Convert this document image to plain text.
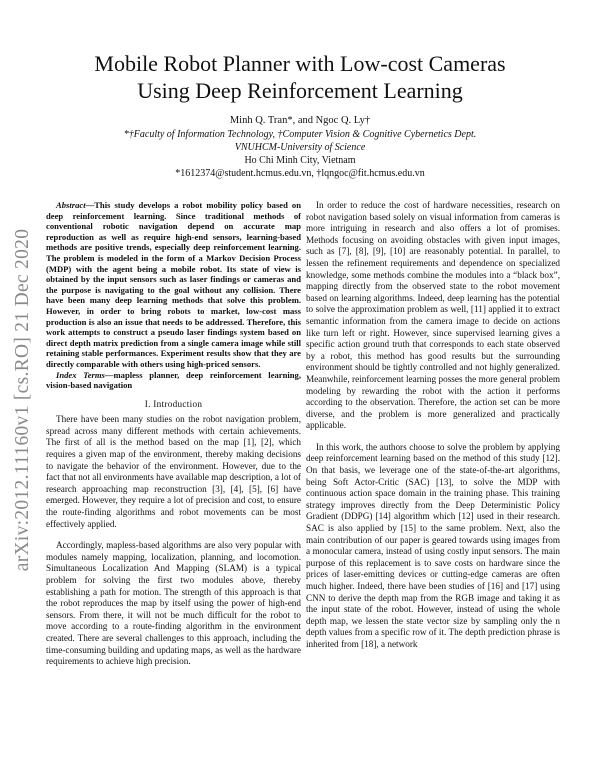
arXiv:2012.11160v1 [cs.RO] 21 Dec 2020
Mobile Robot Planner with Low-cost Cameras
Using Deep Reinforcement Learning
Minh Q. Tran*, and Ngoc Q. Ly†
*†Faculty of Information Technology, †Computer Vision & Cognitive Cybernetics Dept.
VNUHCM-University of Science
Ho Chi Minh City, Vietnam
*1612374@student.hcmus.edu.vn, †lqngoc@fit.hcmus.edu.vn

Abstract—This study develops a robot mobility policy based on deep reinforcement learning. Since traditional methods of conventional robotic navigation depend on accurate map reproduction as well as require high-end sensors, learning-based methods are positive trends, especially deep reinforcement learning. The problem is modeled in the form of a Markov Decision Process (MDP) with the agent being a mobile robot. Its state of view is obtained by the input sensors such as laser findings or cameras and the purpose is navigating to the goal without any collision. There have been many deep learning methods that solve this problem. However, in order to bring robots to market, low-cost mass production is also an issue that needs to be addressed. Therefore, this work attempts to construct a pseudo laser findings system based on direct depth matrix prediction from a single camera image while still retaining stable performances. Experiment results show that they are directly comparable with others using high-priced sensors.

Index Terms—mapless planner, deep reinforcement learning, vision-based navigation

I. Introduction

There have been many studies on the robot navigation problem, spread across many different methods with certain achievements. The first of all is the method based on the map [1], [2], which requires a given map of the environment, thereby making decisions to navigate the behavior of the environment. However, due to the fact that not all environments have available map description, a lot of research approaching map reconstruction [3], [4], [5], [6] have emerged. However, they require a lot of precision and cost, to ensure the route-finding algorithms and robot movements can be most effectively applied.

Accordingly, mapless-based algorithms are also very popular with modules namely mapping, localization, planning, and locomotion. Simultaneous Localization And Mapping (SLAM) is a typical problem for solving the first two modules above, thereby establishing a path for motion. The strength of this approach is that the robot reproduces the map by itself using the power of high-end sensors. From there, it will not be much difficult for the robot to move according to a route-finding algorithm in the environment created. There are several challenges to this approach, including the time-consuming building and updating maps, as well as the hardware requirements to achieve high precision.

In order to reduce the cost of hardware necessities, research on robot navigation based solely on visual information from cameras is more intriguing in research and also offers a lot of promises. Methods focusing on avoiding obstacles with given input images, such as [7], [8], [9], [10] are reasonably potential. In parallel, to lessen the refinement requirements and dependence on specialized knowledge, some methods combine the modules into a “black box”, mapping directly from the observed state to the robot movement based on learning algorithms. Indeed, deep learning has the potential to solve the approximation problem as well, [11] applied it to extract semantic information from the camera image to decide on actions like turn left or right. However, since supervised learning gives a specific action ground truth that corresponds to each state observed by a robot, this method has good results but the surrounding environment should be tightly controlled and not highly generalized. Meanwhile, reinforcement learning posses the more general problem modeling by rewarding the robot with the action it performs according to the observation. Therefore, the action set can be more diverse, and the problem is more generalized and practically applicable.

In this work, the authors choose to solve the problem by applying deep reinforcement learning based on the method of this study [12]. On that basis, we leverage one of the state-of-the-art algorithms, being Soft Actor-Critic (SAC) [13], to solve the MDP with continuous action space domain in the training phase. This training strategy improves directly from the Deep Deterministic Policy Gradient (DDPG) [14] algorithm which [12] used in their research. SAC is also applied by [15] to the same problem. Next, also the main contribution of our paper is geared towards using images from a monocular camera, instead of using costly input sensors. The main purpose of this replacement is to save costs on hardware since the prices of laser-emitting devices or cutting-edge cameras are often much higher. Indeed, there have been studies of [16] and [17] using CNN to derive the depth map from the RGB image and taking it as the input state of the robot. However, instead of using the whole depth map, we lessen the state vector size by sampling only the n depth values from a specific row of it. The depth prediction phrase is inherited from [18], a network
